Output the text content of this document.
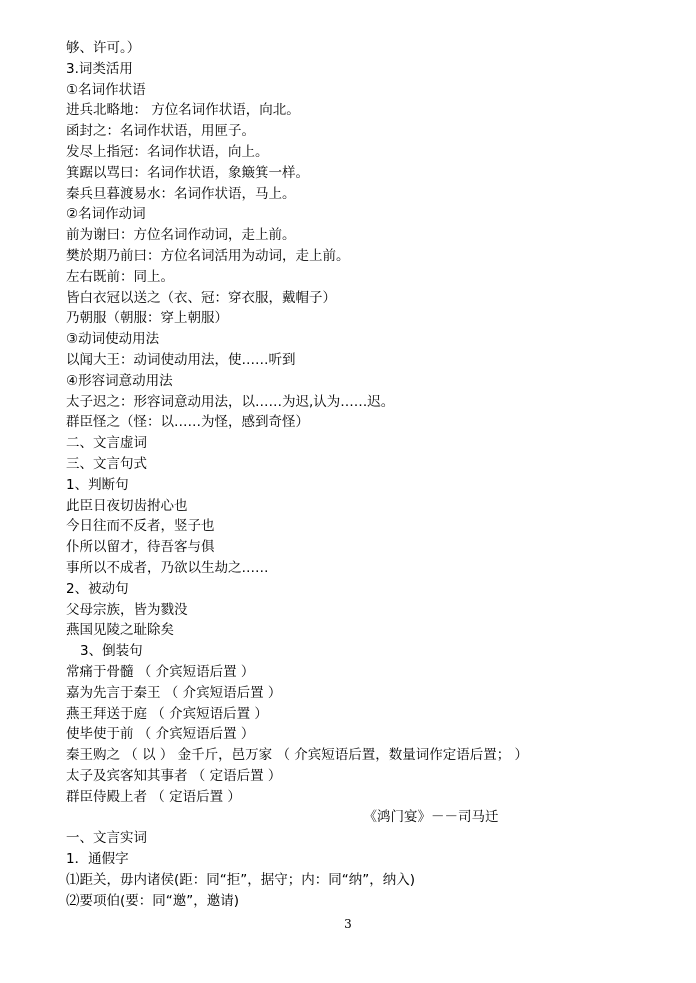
够、许可。）
3.词类活用
①名词作状语
进兵北略地： 方位名词作状语，向北。
函封之：名词作状语，用匣子。
发尽上指冠：名词作状语，向上。
箕踞以骂曰：名词作状语，象簸箕一样。
秦兵旦暮渡易水：名词作状语，马上。
②名词作动词
前为谢曰：方位名词作动词，走上前。
樊於期乃前曰：方位名词活用为动词，走上前。
左右既前：同上。
皆白衣冠以送之（衣、冠：穿衣服，戴帽子）
乃朝服（朝服：穿上朝服）
③动词使动用法
以闻大王：动词使动用法，使……听到
④形容词意动用法
太子迟之：形容词意动用法，以……为迟,认为……迟。
群臣怪之（怪：以……为怪，感到奇怪）
二、文言虚词
三、文言句式
1、判断句
此臣日夜切齿拊心也
今日往而不反者，竖子也
仆所以留才，待吾客与俱
事所以不成者，乃欲以生劫之……
2、被动句
父母宗族，皆为戮没
燕国见陵之耻除矣
3、倒装句
常痛于骨髓 （ 介宾短语后置 ）
嘉为先言于秦王 （ 介宾短语后置 ）
燕王拜送于庭 （ 介宾短语后置 ）
使毕使于前 （ 介宾短语后置 ）
秦王购之 （ 以 ） 金千斤，邑万家 （ 介宾短语后置，数量词作定语后置； ）
太子及宾客知其事者 （ 定语后置 ）
群臣侍殿上者 （ 定语后置 ）
《鸿门宴》－－司马迁
一、文言实词
1．通假字
⑴距关，毋内诸侯(距：同“拒”，据守；内：同“纳”，纳入)
⑵要项伯(要：同“邀”，邀请)
3
